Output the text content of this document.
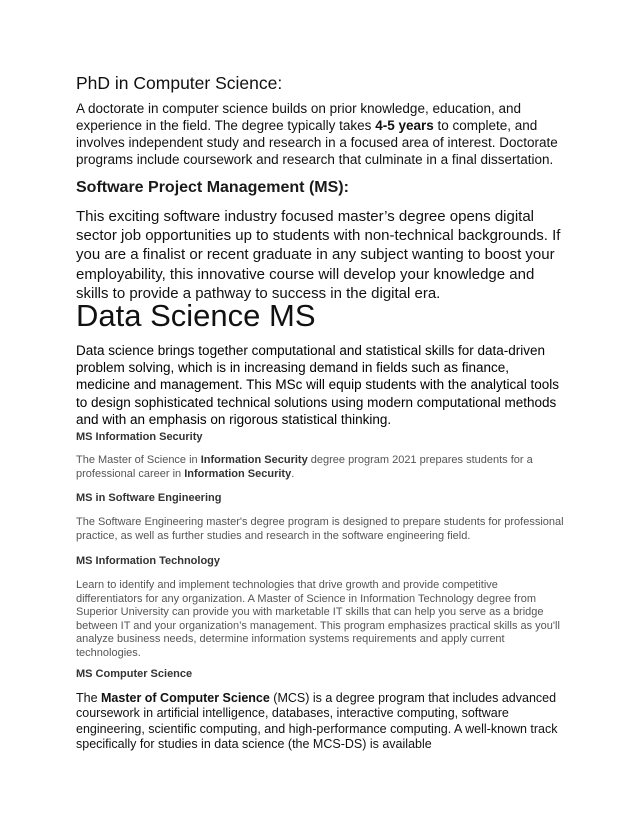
PhD in Computer Science:

A doctorate in computer science builds on prior knowledge, education, and experience in the field. The degree typically takes 4-5 years to complete, and involves independent study and research in a focused area of interest. Doctorate programs include coursework and research that culminate in a final dissertation.

Software Project Management (MS):

This exciting software industry focused master’s degree opens digital sector job opportunities up to students with non-technical backgrounds. If you are a finalist or recent graduate in any subject wanting to boost your employability, this innovative course will develop your knowledge and skills to provide a pathway to success in the digital era.

Data Science MS

Data science brings together computational and statistical skills for data-driven problem solving, which is in increasing demand in fields such as finance, medicine and management. This MSc will equip students with the analytical tools to design sophisticated technical solutions using modern computational methods and with an emphasis on rigorous statistical thinking.

MS Information Security

The Master of Science in Information Security degree program 2021 prepares students for a professional career in Information Security.

MS in Software Engineering

The Software Engineering master's degree program is designed to prepare students for professional practice, as well as further studies and research in the software engineering field.

MS Information Technology

Learn to identify and implement technologies that drive growth and provide competitive differentiators for any organization. A Master of Science in Information Technology degree from Superior University can provide you with marketable IT skills that can help you serve as a bridge between IT and your organization’s management. This program emphasizes practical skills as you'll analyze business needs, determine information systems requirements and apply current technologies.

MS Computer Science

The Master of Computer Science (MCS) is a degree program that includes advanced coursework in artificial intelligence, databases, interactive computing, software engineering, scientific computing, and high-performance computing. A well-known track specifically for studies in data science (the MCS-DS) is available
